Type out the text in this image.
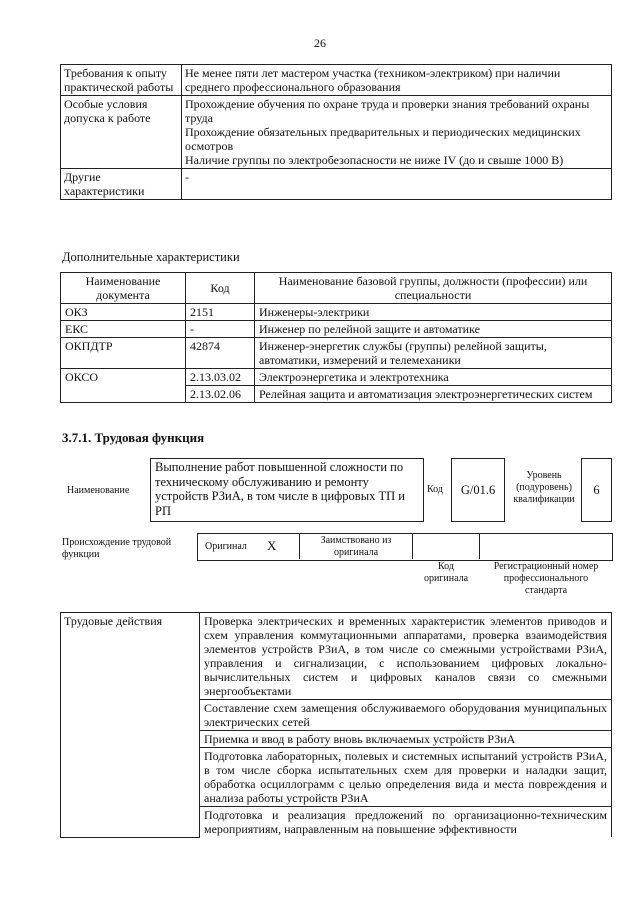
26
Требования к опыту практической работы	Не менее пяти лет мастером участка (техником-электриком) при наличии среднего профессионального образования

Особые условия допуска к работе	Прохождение обучения по охране труда и проверки знания требований охраны труда
Прохождение обязательных предварительных и периодических медицинских осмотров
Наличие группы по электробезопасности не ниже IV (до и свыше 1000 В)

Другие характеристики	-
Дополнительные характеристики
Наименование документа	Код	Наименование базовой группы, должности (профессии) или специальности
ОКЗ	2151	Инженеры-электрики
ЕКС	-	Инженер по релейной защите и автоматике
ОКПДТР	42874	Инженер-энергетик службы (группы) релейной защиты, автоматики, измерений и телемеханики
ОКСО	2.13.03.02	Электроэнергетика и электротехника
	2.13.02.06	Релейная защита и автоматизация электроэнергетических систем
3.7.1. Трудовая функция
Наименование
Выполнение работ повышенной сложности по техническому обслуживанию и ремонту устройств РЗиА, в том числе в цифровых ТП и РП
Код	G/01.6
Уровень (подуровень) квалификации
6
Происхождение трудовой функции
Оригинал X	Заимствовано из оригинала
Код оригинала
Регистрационный номер профессионального стандарта
Трудовые действия	Проверка электрических и временных характеристик элементов приводов и схем управления коммутационными аппаратами, проверка взаимодействия элементов устройств РЗиА, в том числе со смежными устройствами РЗиА, управления и сигнализации, с использованием цифровых локально-вычислительных систем и цифровых каналов связи со смежными энергообъектами
Составление схем замещения обслуживаемого оборудования муниципальных электрических сетей
Приемка и ввод в работу вновь включаемых устройств РЗиА
Подготовка лабораторных, полевых и системных испытаний устройств РЗиА, в том числе сборка испытательных схем для проверки и наладки защит, обработка осциллограмм с целью определения вида и места повреждения и анализа работы устройств РЗиА
Подготовка и реализация предложений по организационно-техническим мероприятиям, направленным на повышение эффективности
